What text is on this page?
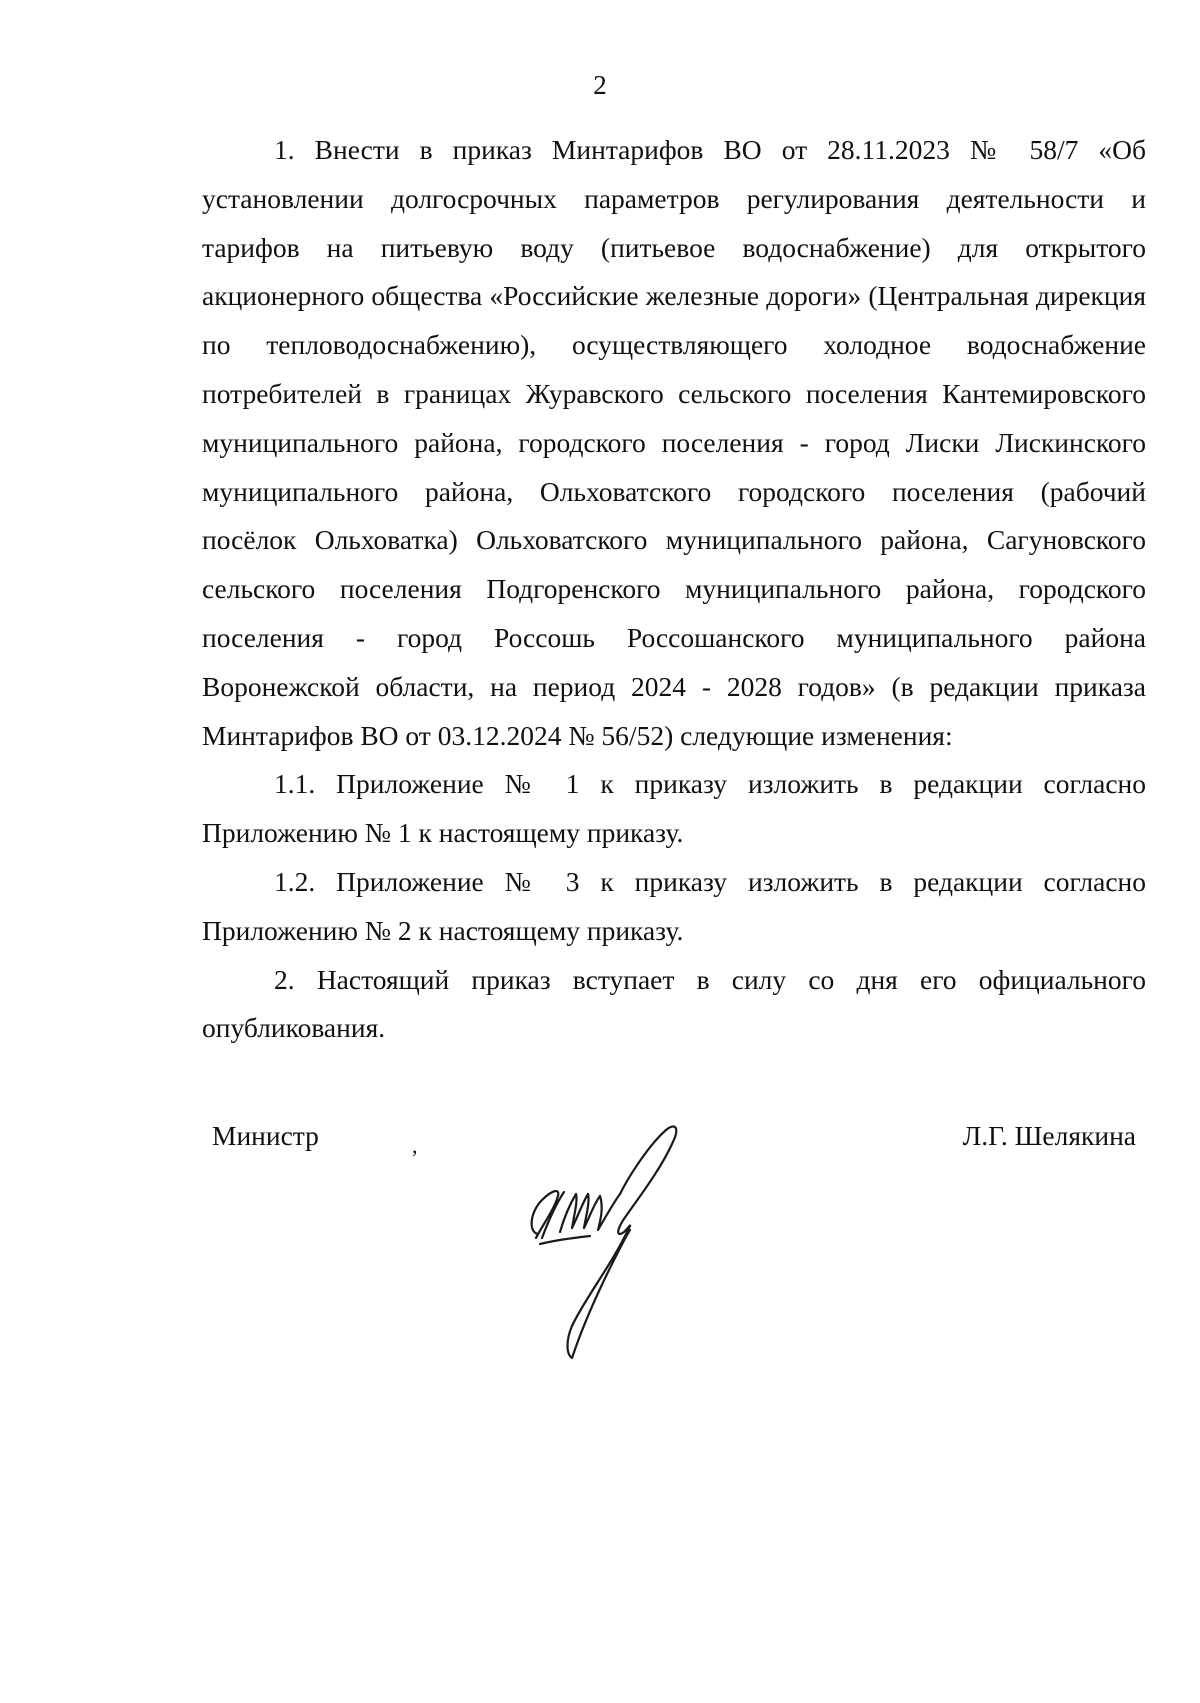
2

1. Внести в приказ Минтарифов ВО от 28.11.2023 № 58/7 «Об установлении долгосрочных параметров регулирования деятельности и тарифов на питьевую воду (питьевое водоснабжение) для открытого акционерного общества «Российские железные дороги» (Центральная дирекция по тепловодоснабжению), осуществляющего холодное водоснабжение потребителей в границах Журавского сельского поселения Кантемировского муниципального района, городского поселения - город Лиски Лискинского муниципального района, Ольховатского городского поселения (рабочий посёлок Ольховатка) Ольховатского муниципального района, Сагуновского сельского поселения Подгоренского муниципального района, городского поселения - город Россошь Россошанского муниципального района Воронежской области, на период 2024 - 2028 годов» (в редакции приказа Минтарифов ВО от 03.12.2024 № 56/52) следующие изменения:

1.1. Приложение № 1 к приказу изложить в редакции согласно Приложению № 1 к настоящему приказу.

1.2. Приложение № 3 к приказу изложить в редакции согласно Приложению № 2 к настоящему приказу.

2. Настоящий приказ вступает в силу со дня его официального опубликования.

Министр	,	Л.Г. Шелякина
